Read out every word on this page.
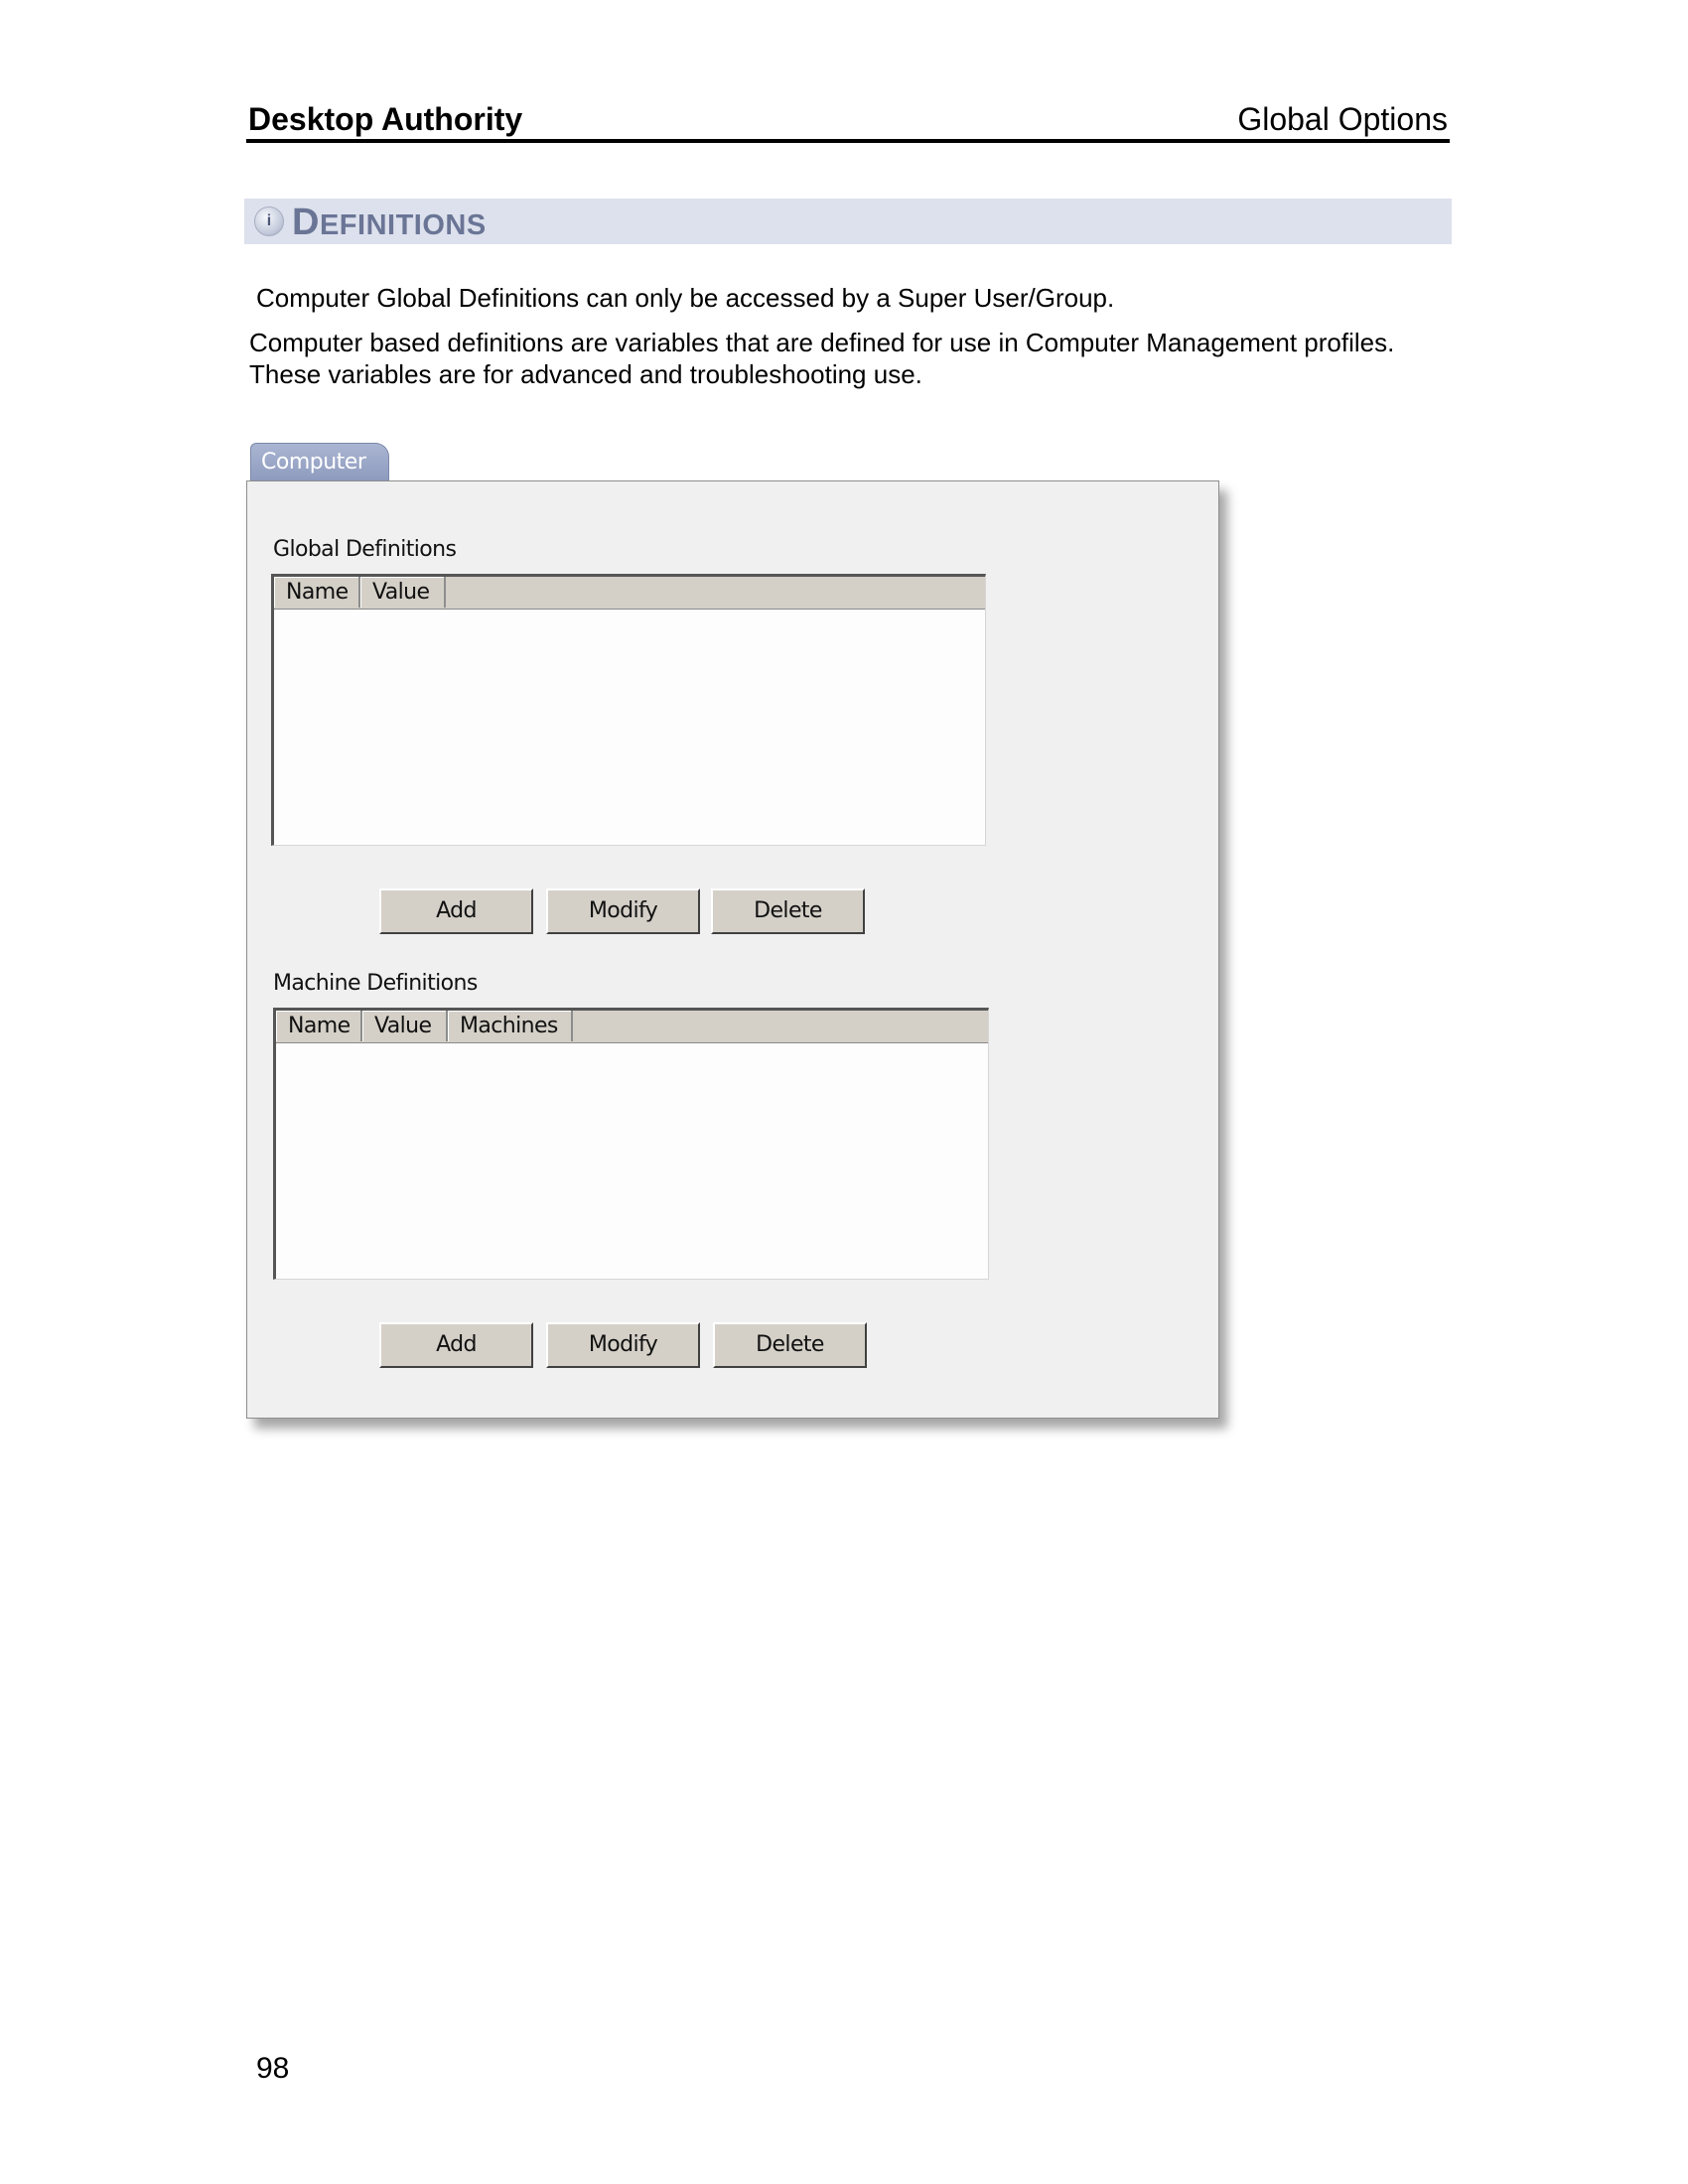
Desktop Authority	Global Options
i DEFINITIONS
Computer Global Definitions can only be accessed by a Super User/Group.
Computer based definitions are variables that are defined for use in Computer Management profiles. These variables are for advanced and troubleshooting use.
Computer
Global Definitions
Name	Value
Add	Modify	Delete
Machine Definitions
Name	Value	Machines
Add	Modify	Delete
98
